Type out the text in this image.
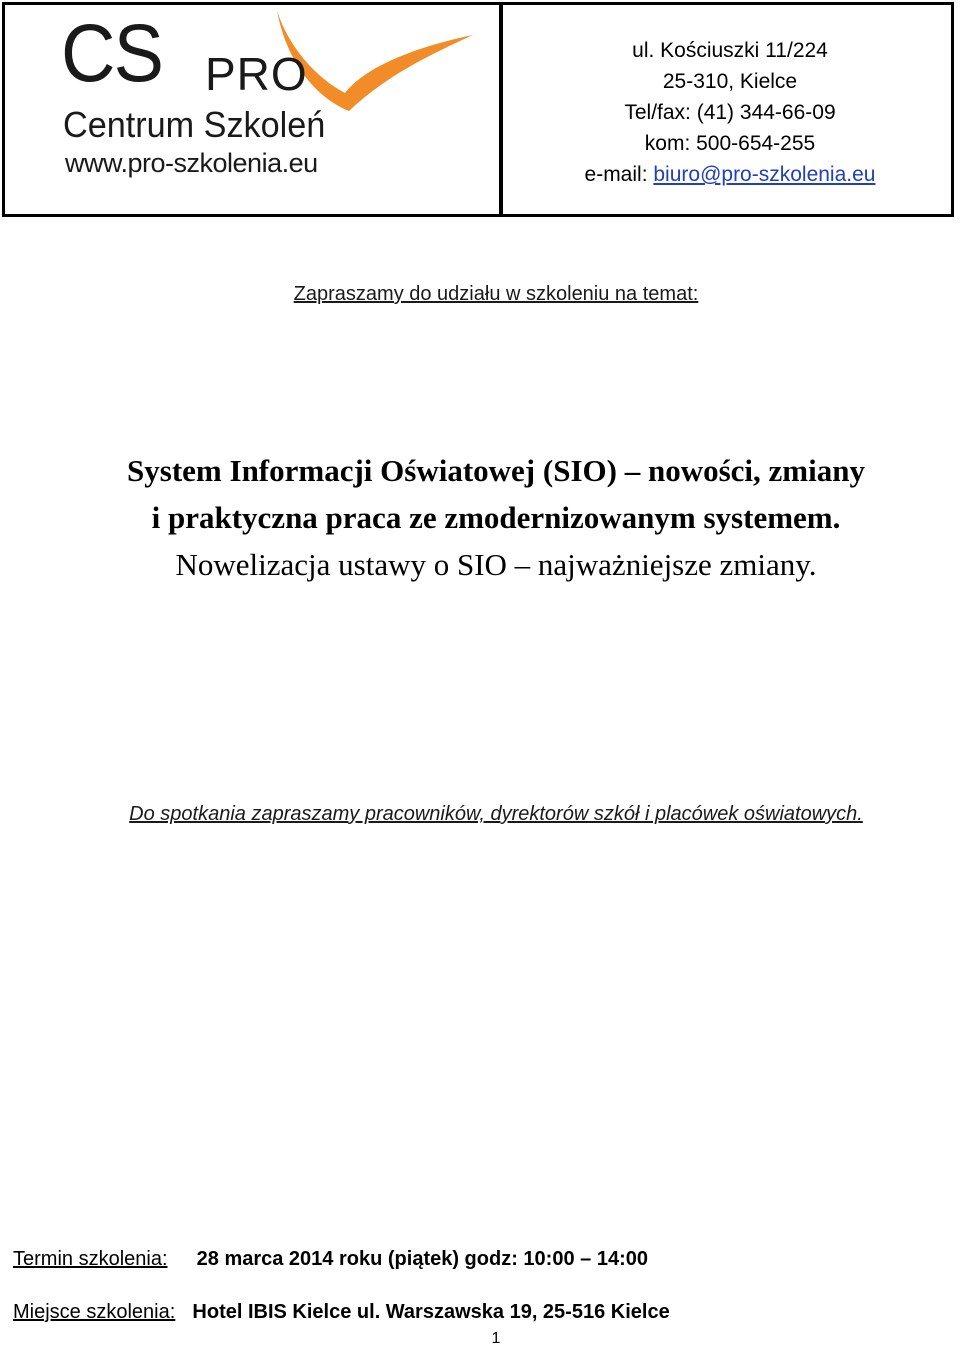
CS PRO
Centrum Szkoleń
www.pro-szkolenia.eu
ul. Kościuszki 11/224
25-310, Kielce
Tel/fax: (41) 344-66-09
kom: 500-654-255
e-mail: biuro@pro-szkolenia.eu
Zapraszamy do udziału w szkoleniu na temat:
System Informacji Oświatowej (SIO) – nowości, zmiany
i praktyczna praca ze zmodernizowanym systemem.
Nowelizacja ustawy o SIO – najważniejsze zmiany.
Do spotkania zapraszamy pracowników, dyrektorów szkół i placówek oświatowych.
Termin szkolenia: 28 marca 2014 roku (piątek) godz: 10:00 – 14:00
Miejsce szkolenia: Hotel IBIS Kielce ul. Warszawska 19, 25-516 Kielce
1
